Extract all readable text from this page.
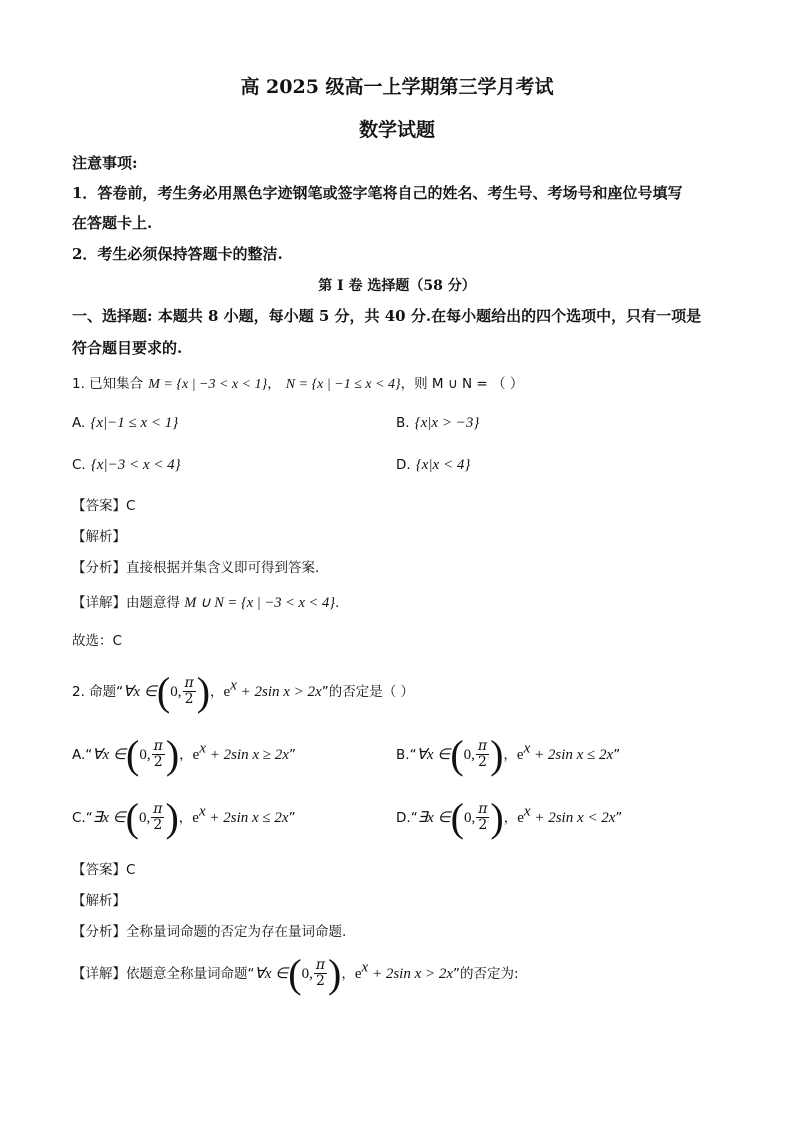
高 2025 级高一上学期第三学月考试
数学试题
注意事项:
1．答卷前，考生务必用黑色字迹钢笔或签字笔将自己的姓名、考生号、考场号和座位号填写
在答题卡上.
2．考生必须保持答题卡的整洁.
第 I 卷 选择题（58 分）
一、选择题: 本题共 8 小题，每小题 5 分，共 40 分.在每小题给出的四个选项中，只有一项是
符合题目要求的.
1. 已知集合 M = {x | −3 < x < 1}， N = {x | −1 ≤ x < 4}，则 M ∪ N = （ ）
A. {x|−1 ≤ x < 1}	B. {x|x > −3}
C. {x|−3 < x < 4}	D. {x|x < 4}
【答案】C
【解析】
【分析】直接根据并集含义即可得到答案.
【详解】由题意得 M ∪ N = {x | −3 < x < 4}.
故选：C
2. 命题“∀x ∈(0, $\frac{\pi}{2}$ )，$e^x + 2\sin$ x > 2x”的否定是（ ）
A.“∀x ∈(0, $\frac{\pi}{2}$ )，$e^x + 2\sin$ x ≥ 2x”	B.“∀x ∈(0, $\frac{\pi}{2}$ )，$e^x + 2\sin$ x ≤ 2x”
C.“∃x ∈(0, $\frac{\pi}{2}$ )，$e^x + 2\sin$ x ≤ 2x”	D.“∃x ∈(0, $\frac{\pi}{2}$ )，$e^x + 2\sin$ x < 2x”
【答案】C
【解析】
【分析】全称量词命题的否定为存在量词命题.
【详解】依题意全称量词命题“∀x ∈(0, $\frac{\pi}{2}$ )，$e^x + 2\sin$ x > 2x”的否定为:
